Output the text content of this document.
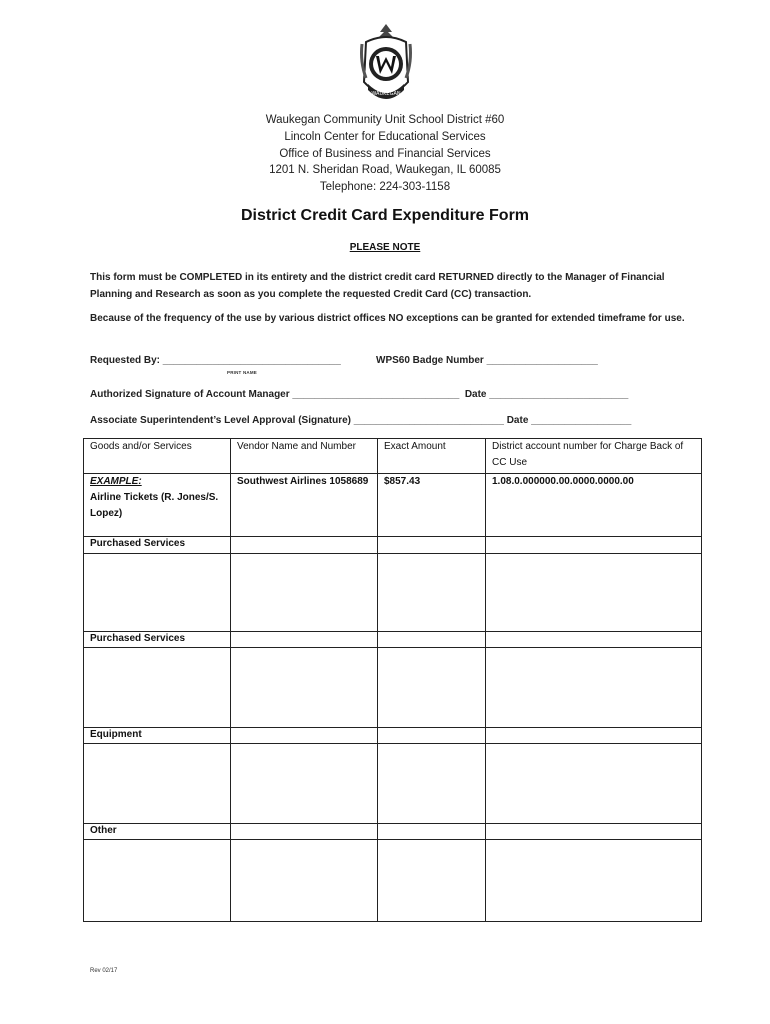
WAUKEGAN
Waukegan Community Unit School District #60
Lincoln Center for Educational Services
Office of Business and Financial Services
1201 N. Sheridan Road, Waukegan, IL 60085
Telephone: 224-303-1158
District Credit Card Expenditure Form
PLEASE NOTE
This form must be COMPLETED in its entirety and the district credit card RETURNED directly to the Manager of Financial Planning and Research as soon as you complete the requested Credit Card (CC) transaction.
Because of the frequency of the use by various district offices NO exceptions can be granted for extended timeframe for use.
Requested By: ________________________________	WPS60 Badge Number ____________________
PRINT NAME
Authorized Signature of Account Manager ______________________________  Date _________________________
Associate Superintendent’s Level Approval (Signature) ___________________________ Date __________________
Goods and/or Services	Vendor Name and Number	Exact Amount	District account number for Charge Back of CC Use

EXAMPLE:
Airline Tickets (R. Jones/S. Lopez)	Southwest Airlines 1058689	$857.43	1.08.0.000000.00.0000.0000.00
Purchased Services			

Purchased Services			

Equipment			

Other			

Rev 02/17
